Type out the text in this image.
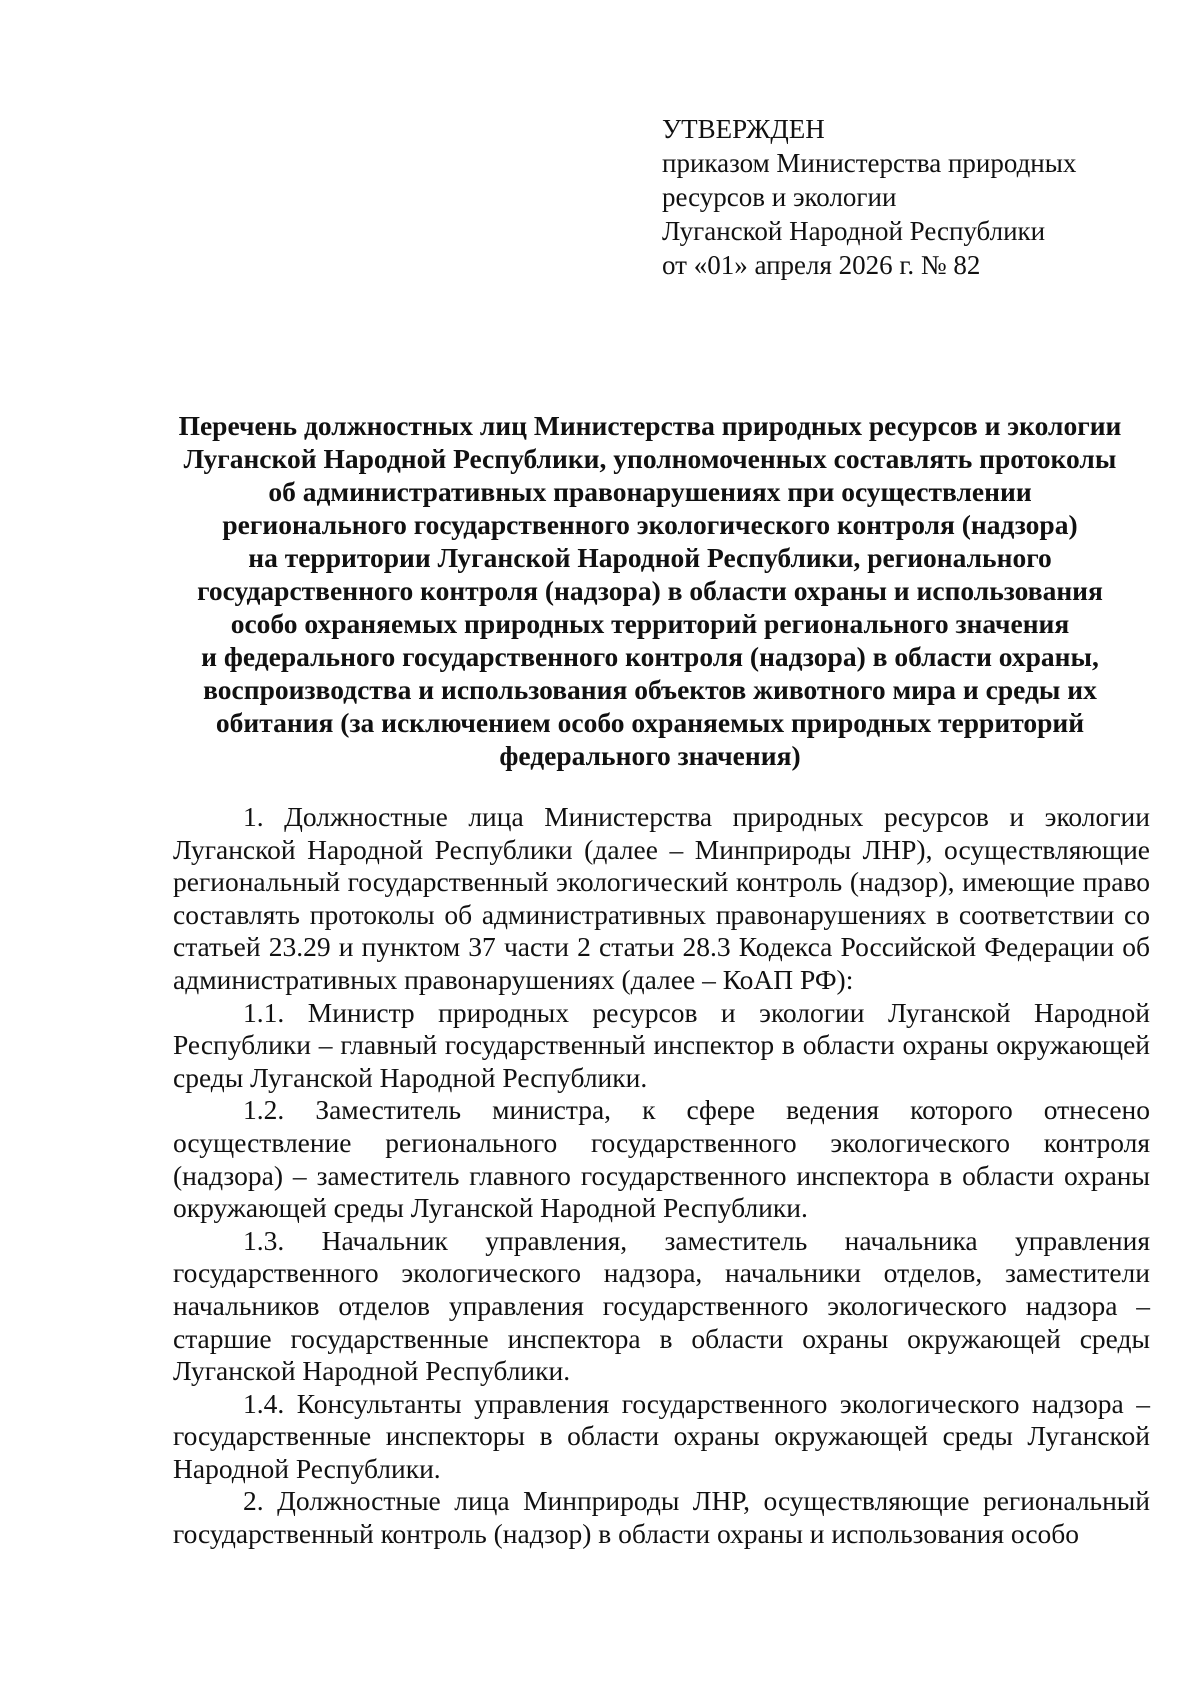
УТВЕРЖДЕН
приказом Министерства природных
ресурсов и экологии
Луганской Народной Республики
от «01» апреля 2026 г. № 82
Перечень должностных лиц Министерства природных ресурсов и экологии
Луганской Народной Республики, уполномоченных составлять протоколы
об административных правонарушениях при осуществлении
регионального государственного экологического контроля (надзора)
на территории Луганской Народной Республики, регионального
государственного контроля (надзора) в области охраны и использования
особо охраняемых природных территорий регионального значения
и федерального государственного контроля (надзора) в области охраны,
воспроизводства и использования объектов животного мира и среды их
обитания (за исключением особо охраняемых природных территорий
федерального значения)

1. Должностные лица Министерства природных ресурсов и экологии Луганской Народной Республики (далее – Минприроды ЛНР), осуществляющие региональный государственный экологический контроль (надзор), имеющие право составлять протоколы об административных правонарушениях в соответствии со статьей 23.29 и пунктом 37 части 2 статьи 28.3 Кодекса Российской Федерации об административных правонарушениях (далее – КоАП РФ):

1.1. Министр природных ресурсов и экологии Луганской Народной Республики – главный государственный инспектор в области охраны окружающей среды Луганской Народной Республики.

1.2. Заместитель министра, к сфере ведения которого отнесено осуществление регионального государственного экологического контроля (надзора) – заместитель главного государственного инспектора в области охраны окружающей среды Луганской Народной Республики.

1.3. Начальник управления, заместитель начальника управления государственного экологического надзора, начальники отделов, заместители начальников отделов управления государственного экологического надзора – старшие государственные инспектора в области охраны окружающей среды Луганской Народной Республики.

1.4. Консультанты управления государственного экологического надзора – государственные инспекторы в области охраны окружающей среды Луганской Народной Республики.

2. Должностные лица Минприроды ЛНР, осуществляющие региональный государственный контроль (надзор) в области охраны и использования особо
